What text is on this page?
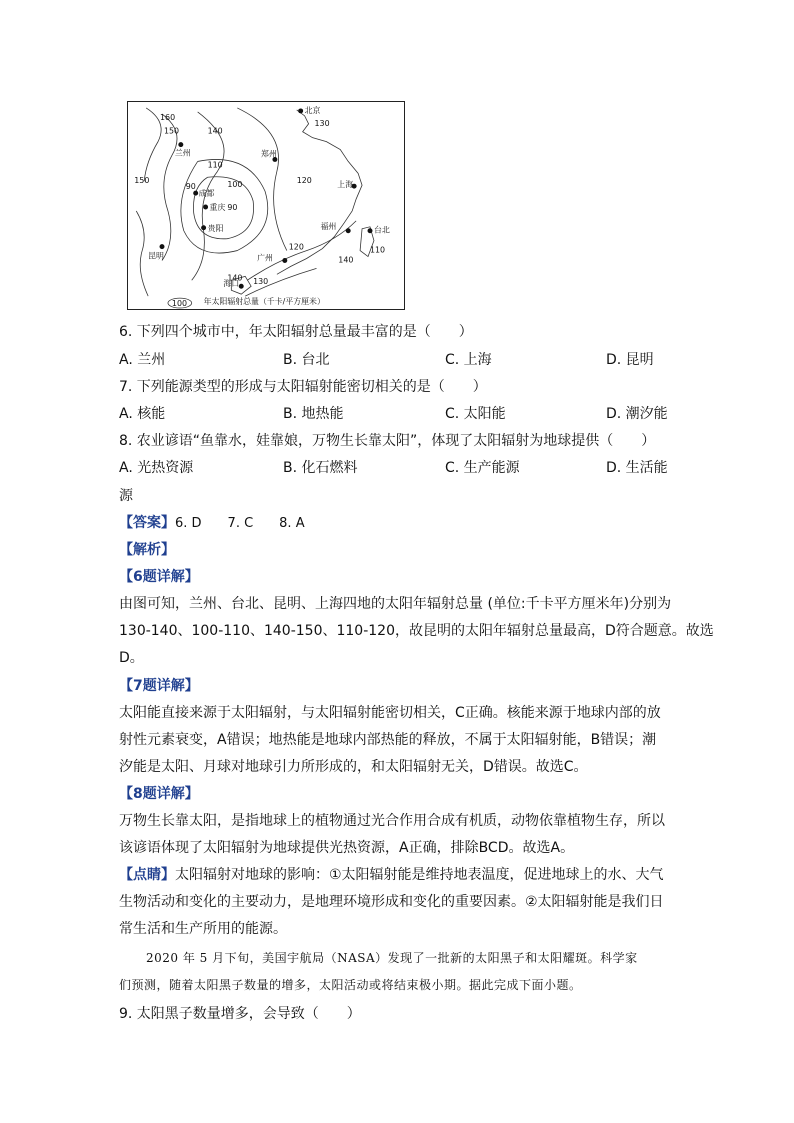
北京
郑州
兰州
成都
重庆
贵阳
昆明
上海
福州	台北
广州
海口
160
150	140
130
110
100
150
90
90
120
120
140
110
140 130
100 年太阳辐射总量（千卡/平方厘米）
6. 下列四个城市中，年太阳辐射总量最丰富的是（　　）
A. 兰州	B. 台北	C. 上海	D. 昆明
7. 下列能源类型的形成与太阳辐射能密切相关的是（　　）
A. 核能	B. 地热能	C. 太阳能	D. 潮汐能
8. 农业谚语“鱼靠水，娃靠娘，万物生长靠太阳”，体现了太阳辐射为地球提供（　　）
A. 光热资源	B. 化石燃料	C. 生产能源	D. 生活能
源
【答案】6. D　　7. C　　8. A
【解析】
【6题详解】
由图可知，兰州、台北、昆明、上海四地的太阳年辐射总量 (单位:千卡平方厘米年)分别为
130-140、100-110、140-150、110-120，故昆明的太阳年辐射总量最高，D符合题意。故选
D。
【7题详解】
太阳能直接来源于太阳辐射，与太阳辐射能密切相关，C正确。核能来源于地球内部的放
射性元素衰变，A错误；地热能是地球内部热能的释放，不属于太阳辐射能，B错误；潮
汐能是太阳、月球对地球引力所形成的，和太阳辐射无关，D错误。故选C。
【8题详解】
万物生长靠太阳，是指地球上的植物通过光合作用合成有机质，动物依靠植物生存，所以
该谚语体现了太阳辐射为地球提供光热资源，A正确，排除BCD。故选A。
【点睛】太阳辐射对地球的影响：①太阳辐射能是维持地表温度，促进地球上的水、大气
生物活动和变化的主要动力，是地理环境形成和变化的重要因素。②太阳辐射能是我们日
常生活和生产所用的能源。
2020 年 5 月下旬，美国宇航局（NASA）发现了一批新的太阳黑子和太阳耀斑。科学家
们预测，随着太阳黑子数量的增多，太阳活动或将结束极小期。据此完成下面小题。
9. 太阳黑子数量增多，会导致（　　）
